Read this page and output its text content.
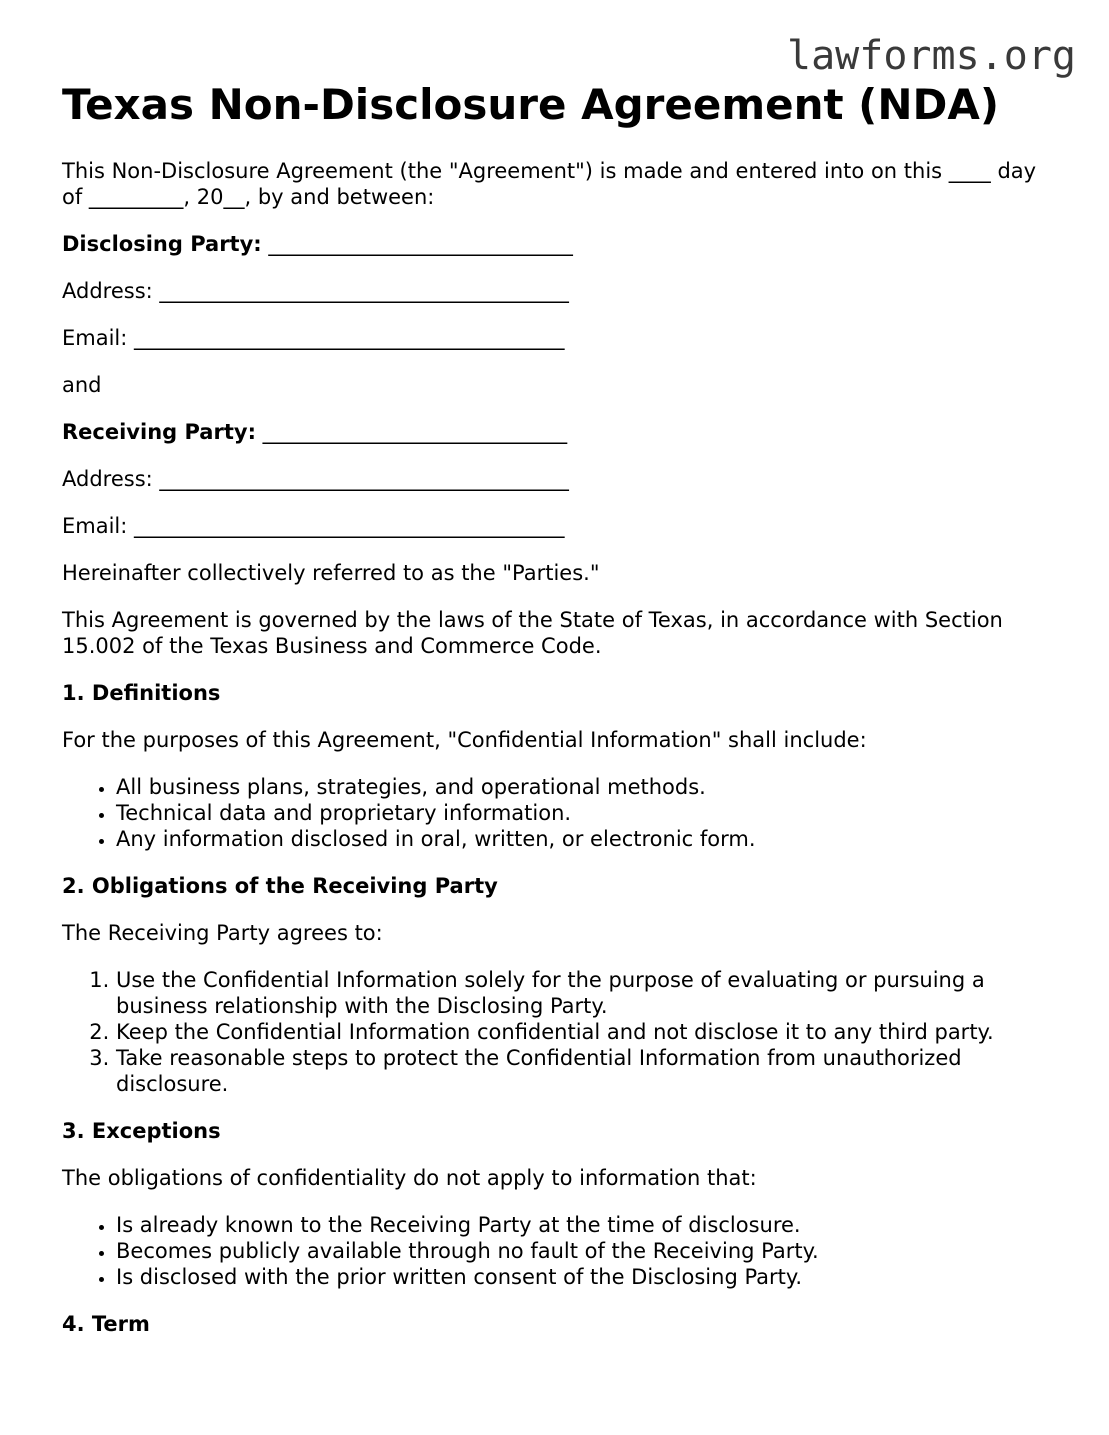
lawforms.org
Texas Non-Disclosure Agreement (NDA)

This Non-Disclosure Agreement (the "Agreement") is made and entered into on this ____ day of _________, 20__, by and between:

Disclosing Party: _____________________________

Address: _______________________________________

Email: _________________________________________

and

Receiving Party: _____________________________

Address: _______________________________________

Email: _________________________________________

Hereinafter collectively referred to as the "Parties."

This Agreement is governed by the laws of the State of Texas, in accordance with Section 15.002 of the Texas Business and Commerce Code.

1. Definitions

For the purposes of this Agreement, "Confidential Information" shall include:

• All business plans, strategies, and operational methods.
• Technical data and proprietary information.
• Any information disclosed in oral, written, or electronic form.
2. Obligations of the Receiving Party

The Receiving Party agrees to:

1. Use the Confidential Information solely for the purpose of evaluating or pursuing a business relationship with the Disclosing Party.
2. Keep the Confidential Information confidential and not disclose it to any third party.
3. Take reasonable steps to protect the Confidential Information from unauthorized disclosure.
3. Exceptions

The obligations of confidentiality do not apply to information that:

• Is already known to the Receiving Party at the time of disclosure.
• Becomes publicly available through no fault of the Receiving Party.
• Is disclosed with the prior written consent of the Disclosing Party.
4. Term
